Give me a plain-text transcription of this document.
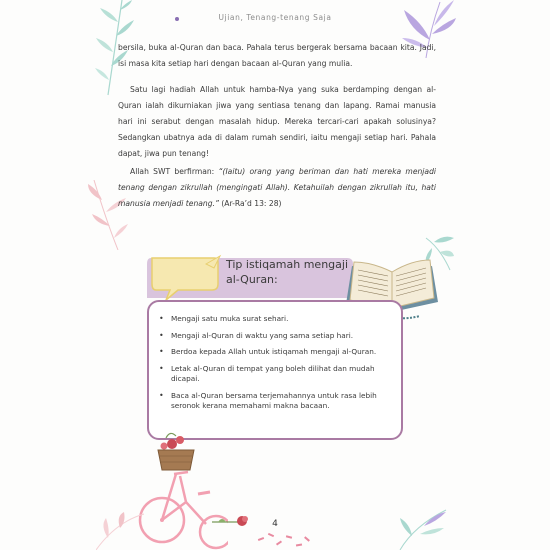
Ujian, Tenang-tenang Saja

bersila, buka al-Quran dan baca. Pahala terus bergerak bersama bacaan kita. Jadi, isi masa kita setiap hari dengan bacaan al-Quran yang mulia.

Satu lagi hadiah Allah untuk hamba-Nya yang suka berdamping dengan al-Quran ialah dikurniakan jiwa yang sentiasa tenang dan lapang. Ramai manusia hari ini serabut dengan masalah hidup. Mereka tercari-cari apakah solusinya? Sedangkan ubatnya ada di dalam rumah sendiri, iaitu mengaji setiap hari. Pahala dapat, jiwa pun tenang!

Allah SWT berfirman: “(Iaitu) orang yang beriman dan hati mereka menjadi tenang dengan zikrullah (mengingati Allah). Ketahuilah dengan zikrullah itu, hati manusia menjadi tenang.” (Ar-Ra’d 13: 28)

Tip istiqamah mengaji al-Quran:
• Mengaji satu muka surat sehari.
• Mengaji al-Quran di waktu yang sama setiap hari.
• Berdoa kepada Allah untuk istiqamah mengaji al-Quran.
• Letak al-Quran di tempat yang boleh dilihat dan mudah dicapai.
• Baca al-Quran bersama terjemahannya untuk rasa lebih seronok kerana memahami makna bacaan.
4
